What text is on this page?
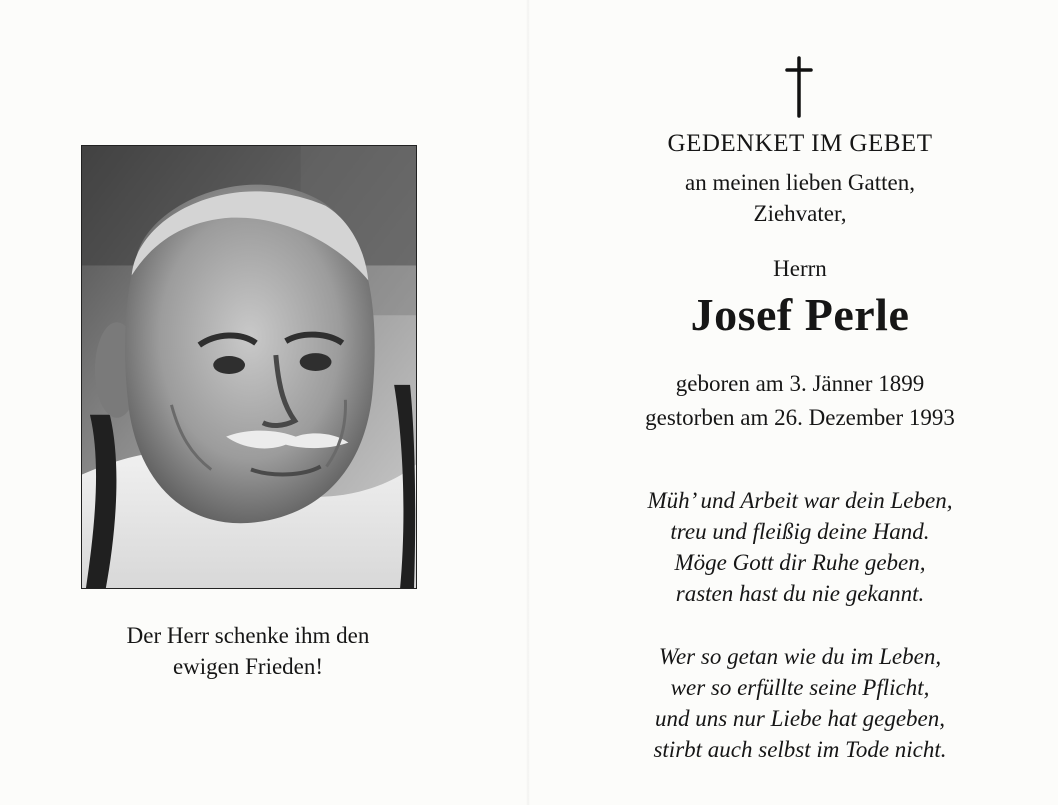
Der Herr schenke ihm den
ewigen Frieden!
GEDENKET IM GEBET
an meinen lieben Gatten,
Ziehvater,
Herrn
Josef Perle
geboren am 3. Jänner 1899
gestorben am 26. Dezember 1993
Müh’ und Arbeit war dein Leben,
treu und fleißig deine Hand.
Möge Gott dir Ruhe geben,
rasten hast du nie gekannt.
Wer so getan wie du im Leben,
wer so erfüllte seine Pflicht,
und uns nur Liebe hat gegeben,
stirbt auch selbst im Tode nicht.
